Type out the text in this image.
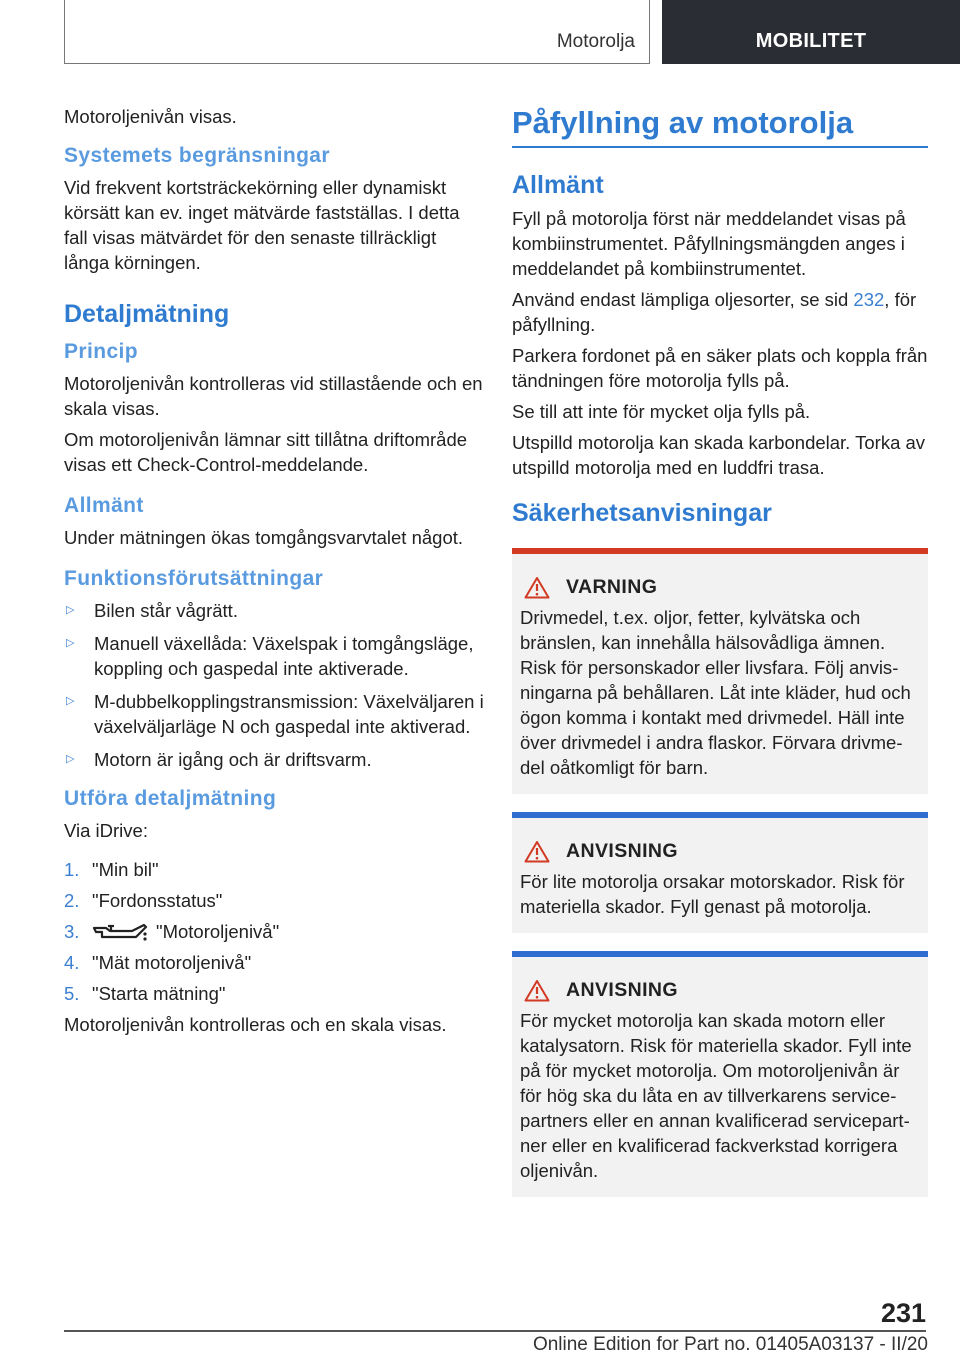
Motorolja	MOBILITET

Motoroljenivån visas.

Systemets begränsningar

Vid frekvent kortsträckekörning eller dynamiskt körsätt kan ev. inget mätvärde fastställas. I detta fall visas mätvärdet för den senaste tillräckligt långa körningen.

Detaljmätning
Princip

Motoroljenivån kontrolleras vid stillastående och en skala visas.

Om motoroljenivån lämnar sitt tillåtna driftområde visas ett Check-Control-meddelande.

Allmänt

Under mätningen ökas tomgångsvarvtalet något.

Funktionsförutsättningar
▷ Bilen står vågrätt.
▷ Manuell växellåda: Växelspak i tomgångsläge, koppling och gaspedal inte aktiverade.
▷ M-dubbelkopplingstransmission: Växelväljaren i växelväljarläge N och gaspedal inte aktiverad.
▷ Motorn är igång och är driftsvarm.
Utföra detaljmätning

Via iDrive:

1. "Min bil"
2. "Fordonsstatus"
3.	"Motoroljenivå"
4. "Mät motoroljenivå"
5. "Starta mätning"

Motoroljenivån kontrolleras och en skala visas.

Påfyllning av motorolja
Allmänt

Fyll på motorolja först när meddelandet visas på kombiinstrumentet. Påfyllningsmängden anges i meddelandet på kombiinstrumentet.

Använd endast lämpliga oljesorter, se sid 232, för påfyllning.

Parkera fordonet på en säker plats och koppla från tändningen före motorolja fylls på.

Se till att inte för mycket olja fylls på.

Utspilld motorolja kan skada karbondelar. Torka av utspilld motorolja med en luddfri trasa.

Säkerhetsanvisningar
VARNING

Drivmedel, t.ex. oljor, fetter, kylvätska och bränslen, kan innehålla hälsovådliga ämnen. Risk för personskador eller livsfara. Följ anvisningarna på behållaren. Låt inte kläder, hud och ögon komma i kontakt med drivmedel. Häll inte över drivmedel i andra flaskor. Förvara drivmedel oåtkomligt för barn.

ANVISNING

För lite motorolja orsakar motorskador. Risk för materiella skador. Fyll genast på motorolja.

ANVISNING

För mycket motorolja kan skada motorn eller katalysatorn. Risk för materiella skador. Fyll inte på för mycket motorolja. Om motoroljenivån är för hög ska du låta en av tillverkarens servicepartners eller en annan kvalificerad servicepartner eller en kvalificerad fackverkstad korrigera oljenivån.

231
Online Edition for Part no. 01405A03137 - II/20
